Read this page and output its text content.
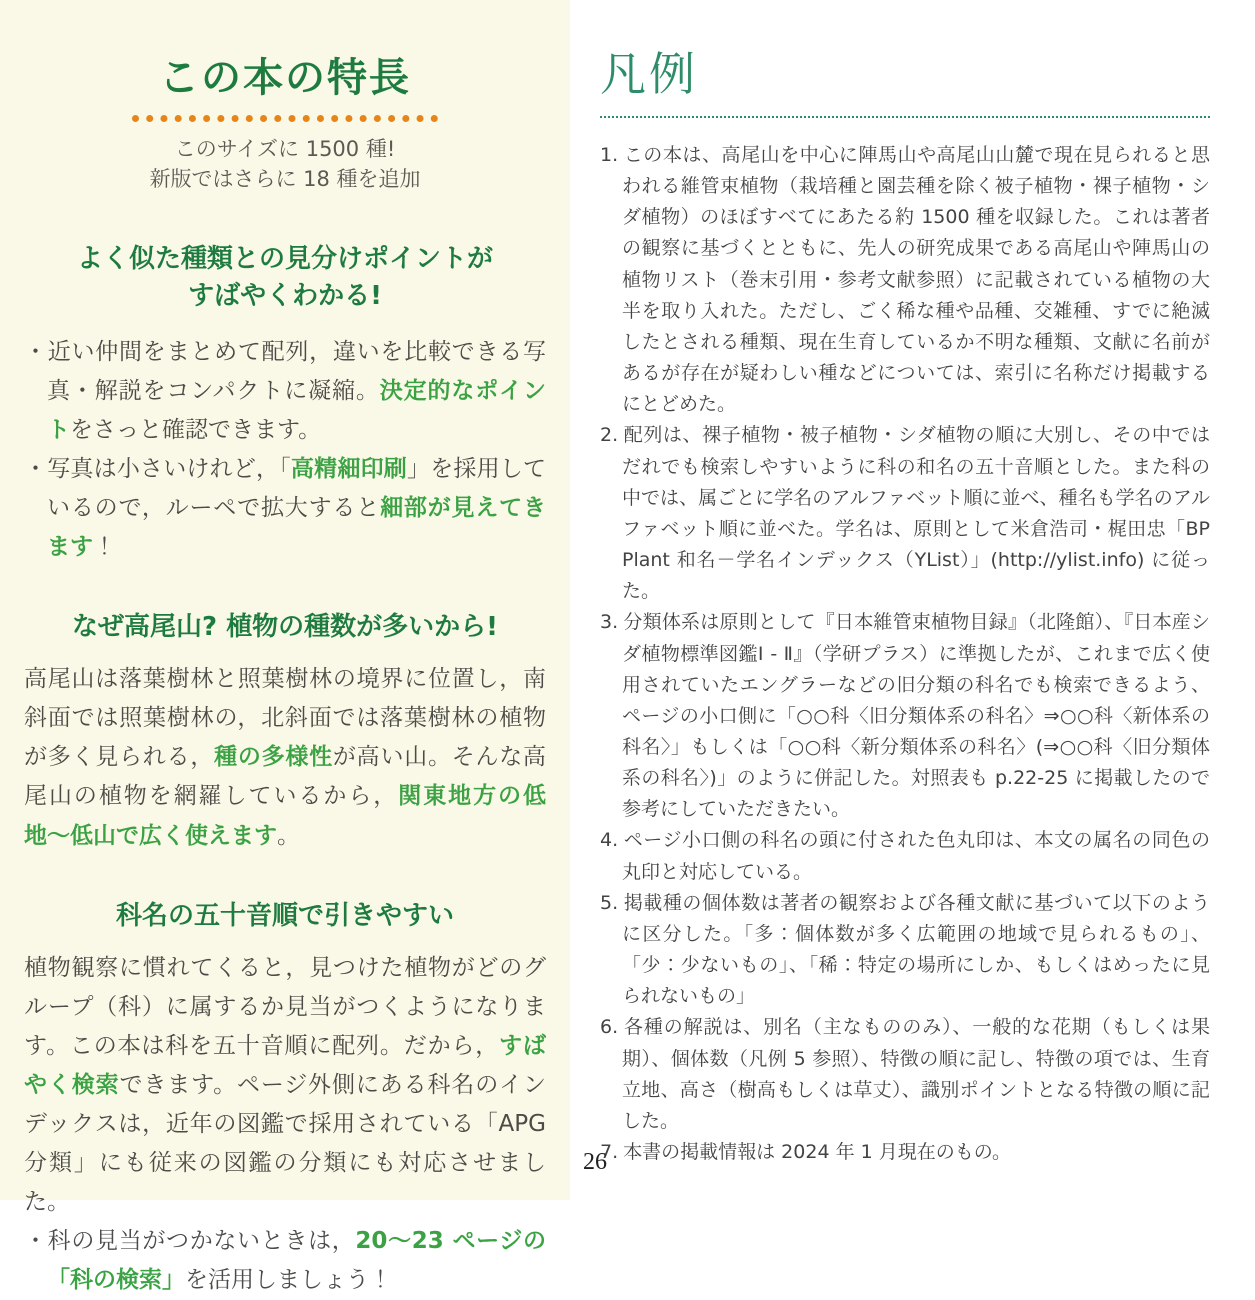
この本の特長
このサイズに 1500 種!
新版ではさらに 18 種を追加
よく似た種類との見分けポイントが
すばやくわかる!

・近い仲間をまとめて配列，違いを比較できる写真・解説をコンパクトに凝縮。決定的なポイントをさっと確認できます。

・写真は小さいけれど，「高精細印刷」を採用しているので，ルーペで拡大すると細部が見えてきます！

なぜ高尾山? 植物の種数が多いから!

高尾山は落葉樹林と照葉樹林の境界に位置し，南斜面では照葉樹林の，北斜面では落葉樹林の植物が多く見られる，種の多様性が高い山。そんな高尾山の植物を網羅しているから，関東地方の低地〜低山で広く使えます。

科名の五十音順で引きやすい

植物観察に慣れてくると，見つけた植物がどのグループ（科）に属するか見当がつくようになります。この本は科を五十音順に配列。だから，すばやく検索できます。ページ外側にある科名のインデックスは，近年の図鑑で採用されている「APG 分類」にも従来の図鑑の分類にも対応させました。

・科の見当がつかないときは，20〜23 ページの「科の検索」を活用しましょう！

凡例
1. この本は、高尾山を中心に陣馬山や高尾山山麓で現在見られると思われる維管束植物（栽培種と園芸種を除く被子植物・裸子植物・シダ植物）のほぼすべてにあたる約 1500 種を収録した。これは著者の観察に基づくとともに、先人の研究成果である高尾山や陣馬山の植物リスト（巻末引用・参考文献参照）に記載されている植物の大半を取り入れた。ただし、ごく稀な種や品種、交雑種、すでに絶滅したとされる種類、現在生育しているか不明な種類、文献に名前があるが存在が疑わしい種などについては、索引に名称だけ掲載するにとどめた。
2. 配列は、裸子植物・被子植物・シダ植物の順に大別し、その中ではだれでも検索しやすいように科の和名の五十音順とした。また科の中では、属ごとに学名のアルファベット順に並べ、種名も学名のアルファベット順に並べた。学名は、原則として米倉浩司・梶田忠「BP Plant 和名－学名インデックス（YList）」(http://ylist.info) に従った。
3. 分類体系は原則として『日本維管束植物目録』（北隆館）、『日本産シダ植物標準図鑑Ⅰ - Ⅱ』（学研プラス）に準拠したが、これまで広く使用されていたエングラーなどの旧分類の科名でも検索できるよう、ページの小口側に「○○科〈旧分類体系の科名〉⇒○○科〈新体系の科名〉」もしくは「○○科〈新分類体系の科名〉(⇒○○科〈旧分類体系の科名〉)」のように併記した。対照表も p.22-25 に掲載したので参考にしていただきたい。
4. ページ小口側の科名の頭に付された色丸印は、本文の属名の同色の丸印と対応している。
5. 掲載種の個体数は著者の観察および各種文献に基づいて以下のように区分した。「多：個体数が多く広範囲の地域で見られるもの」、「少：少ないもの」、「稀：特定の場所にしか、もしくはめったに見られないもの」
6. 各種の解説は、別名（主なもののみ）、一般的な花期（もしくは果期）、個体数（凡例 5 参照）、特徴の順に記し、特徴の項では、生育立地、高さ（樹高もしくは草丈）、識別ポイントとなる特徴の順に記した。
7. 本書の掲載情報は 2024 年 1 月現在のもの。
26
